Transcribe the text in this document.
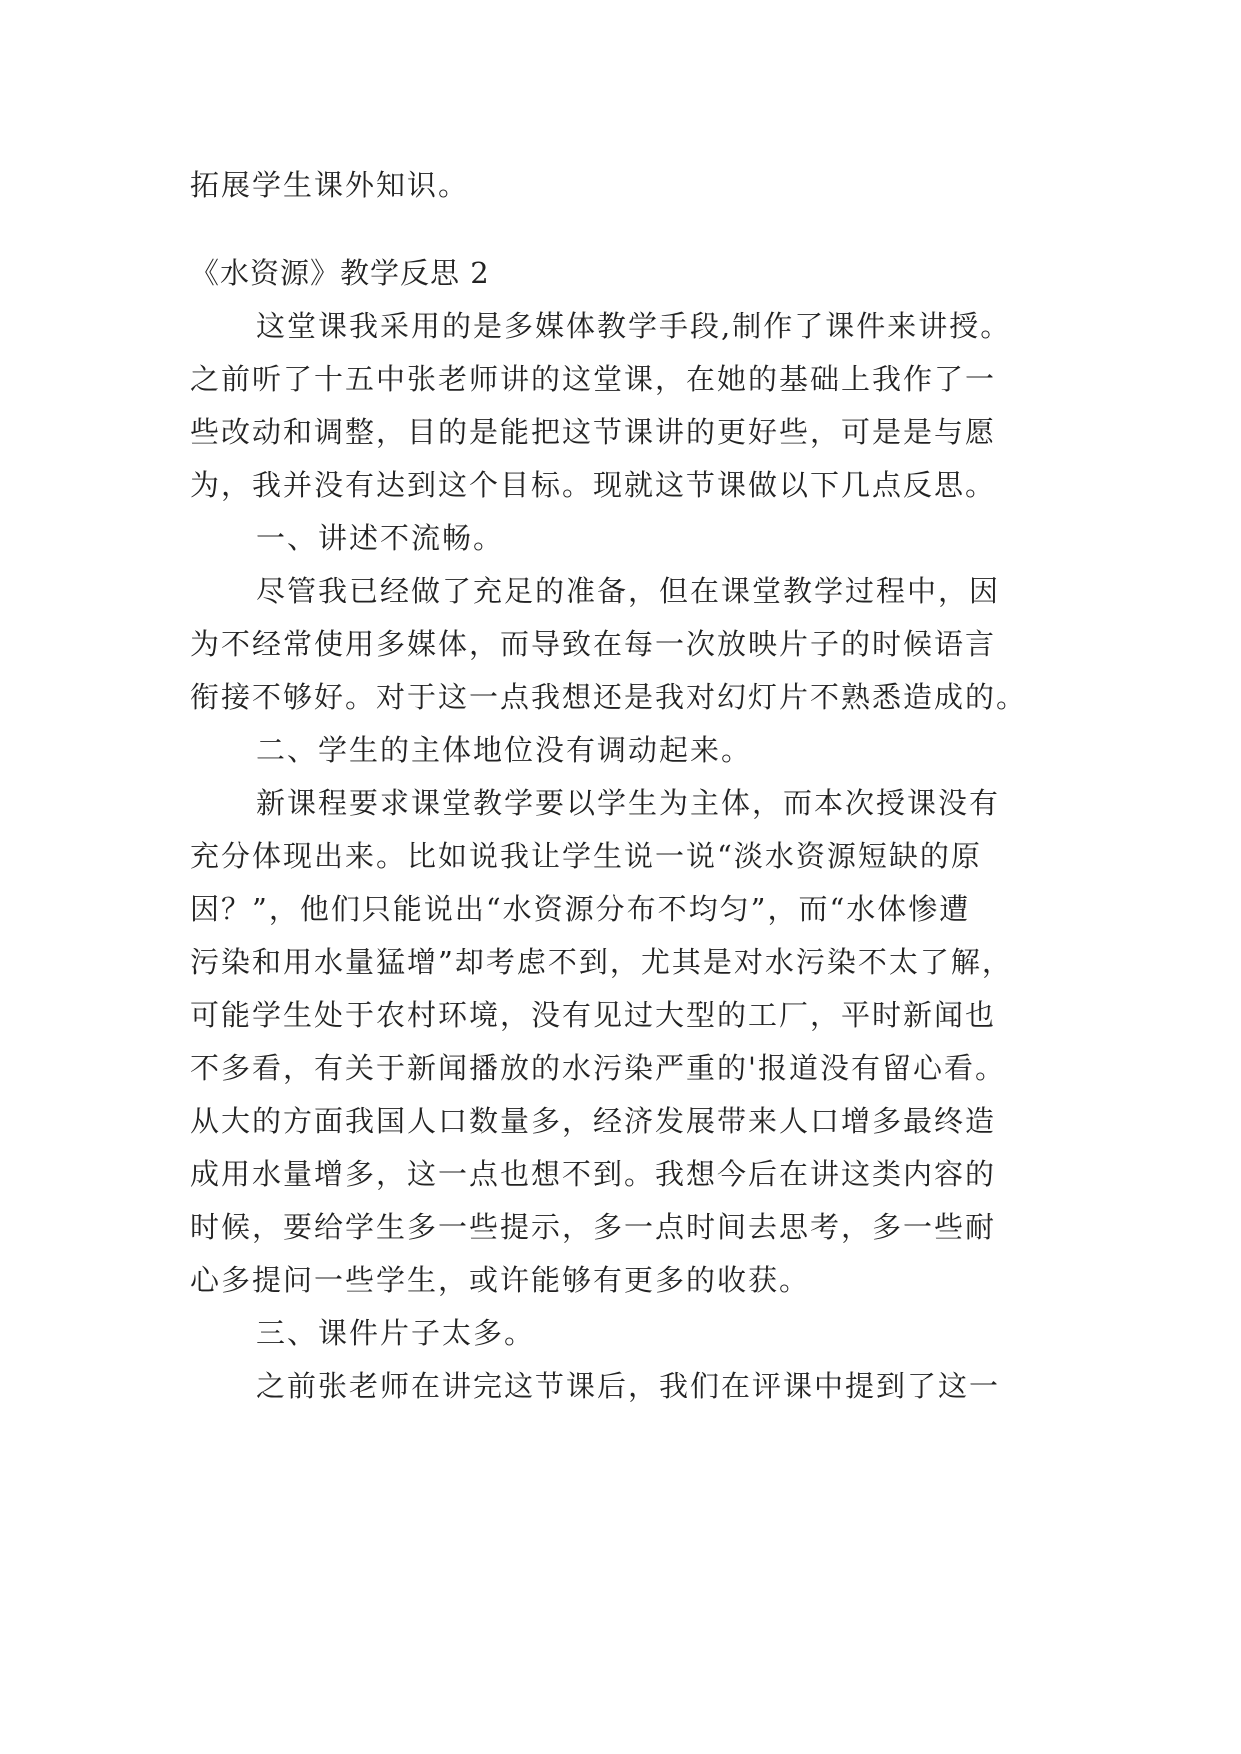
拓展学生课外知识。
《水资源》教学反思 2
这堂课我采用的是多媒体教学手段,制作了课件来讲授。
之前听了十五中张老师讲的这堂课，在她的基础上我作了一
些改动和调整，目的是能把这节课讲的更好些，可是是与愿
为，我并没有达到这个目标。现就这节课做以下几点反思。
一、讲述不流畅。
尽管我已经做了充足的准备，但在课堂教学过程中，因
为不经常使用多媒体，而导致在每一次放映片子的时候语言
衔接不够好。对于这一点我想还是我对幻灯片不熟悉造成的。
二、学生的主体地位没有调动起来。
新课程要求课堂教学要以学生为主体，而本次授课没有
充分体现出来。比如说我让学生说一说“淡水资源短缺的原
因？”，他们只能说出“水资源分布不均匀”，而“水体惨遭
污染和用水量猛增”却考虑不到，尤其是对水污染不太了解，
可能学生处于农村环境，没有见过大型的工厂，平时新闻也
不多看，有关于新闻播放的水污染严重的'报道没有留心看。
从大的方面我国人口数量多，经济发展带来人口增多最终造
成用水量增多，这一点也想不到。我想今后在讲这类内容的
时候，要给学生多一些提示，多一点时间去思考，多一些耐
心多提问一些学生，或许能够有更多的收获。
三、课件片子太多。
之前张老师在讲完这节课后，我们在评课中提到了这一
